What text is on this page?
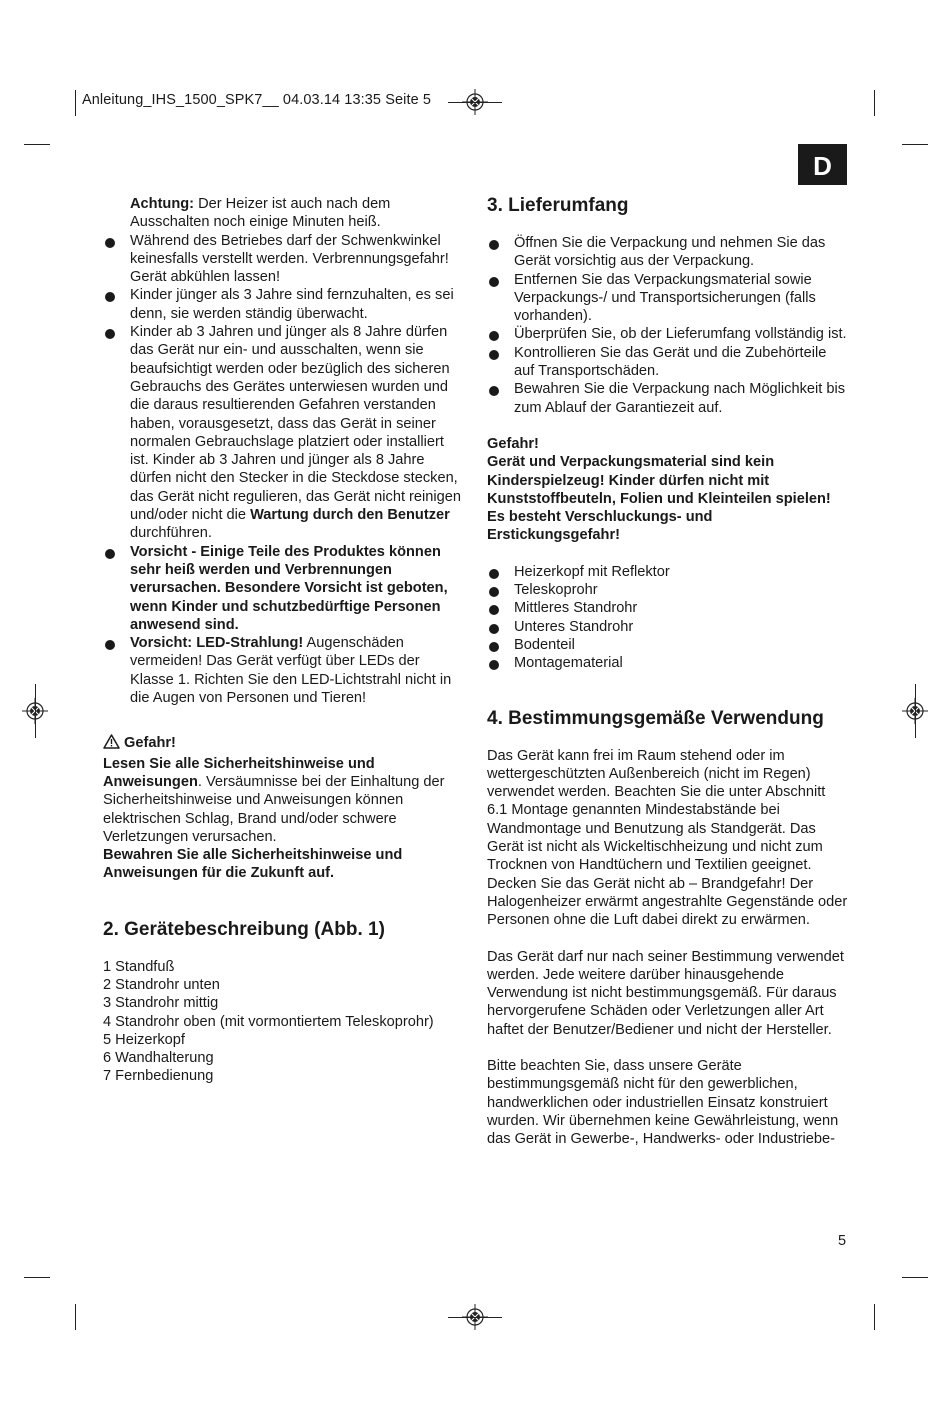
Anleitung_IHS_1500_SPK7__ 04.03.14 13:35 Seite 5
D

Achtung: Der Heizer ist auch nach dem Ausschalten noch einige Minuten heiß.

Während des Betriebes darf der Schwenkwinkel keinesfalls verstellt werden. Verbrennungsgefahr! Gerät abkühlen lassen!

Kinder jünger als 3 Jahre sind fernzuhalten, es sei denn, sie werden ständig überwacht.

Kinder ab 3 Jahren und jünger als 8 Jahre dürfen das Gerät nur ein- und ausschalten, wenn sie beaufsichtigt werden oder bezüglich des sicheren Gebrauchs des Gerätes unterwiesen wurden und die daraus resultierenden Gefahren verstanden haben, vorausgesetzt, dass das Gerät in seiner normalen Gebrauchslage platziert oder installiert ist. Kinder ab 3 Jahren und jünger als 8 Jahre dürfen nicht den Stecker in die Steckdose stecken, das Gerät nicht regulieren, das Gerät nicht reinigen und/oder nicht die Wartung durch den Benutzer durchführen.

Vorsicht - Einige Teile des Produktes können sehr heiß werden und Verbrennungen verursachen. Besondere Vorsicht ist geboten, wenn Kinder und schutzbedürftige Personen anwesend sind.

Vorsicht: LED-Strahlung! Augenschäden vermeiden! Das Gerät verfügt über LEDs der Klasse 1. Richten Sie den LED-Lichtstrahl nicht in die Augen von Personen und Tieren!

Gefahr!

Lesen Sie alle Sicherheitshinweise und Anweisungen. Versäumnisse bei der Einhaltung der Sicherheitshinweise und Anweisungen können elektrischen Schlag, Brand und/oder schwere Verletzungen verursachen.

Bewahren Sie alle Sicherheitshinweise und Anweisungen für die Zukunft auf.

2. Gerätebeschreibung (Abb. 1)

1 Standfuß

2 Standrohr unten

3 Standrohr mittig

4 Standrohr oben (mit vormontiertem Teleskoprohr)

5 Heizerkopf

6 Wandhalterung

7 Fernbedienung

3. Lieferumfang

Öffnen Sie die Verpackung und nehmen Sie das Gerät vorsichtig aus der Verpackung.

Entfernen Sie das Verpackungsmaterial sowie Verpackungs-/ und Transportsicherungen (falls vorhanden).

Überprüfen Sie, ob der Lieferumfang vollständig ist.

Kontrollieren Sie das Gerät und die Zubehörteile auf Transportschäden.

Bewahren Sie die Verpackung nach Möglichkeit bis zum Ablauf der Garantiezeit auf.

Gefahr!

Gerät und Verpackungsmaterial sind kein Kinderspielzeug! Kinder dürfen nicht mit Kunststoffbeuteln, Folien und Kleinteilen spielen! Es besteht Verschluckungs- und Erstickungsgefahr!

Heizerkopf mit Reflektor

Teleskoprohr

Mittleres Standrohr

Unteres Standrohr

Bodenteil

Montagematerial

4. Bestimmungsgemäße Verwendung

Das Gerät kann frei im Raum stehend oder im wettergeschützten Außenbereich (nicht im Regen) verwendet werden. Beachten Sie die unter Abschnitt 6.1 Montage genannten Mindestabstände bei Wandmontage und Benutzung als Standgerät. Das Gerät ist nicht als Wickeltischheizung und nicht zum Trocknen von Handtüchern und Textilien geeignet. Decken Sie das Gerät nicht ab – Brandgefahr! Der Halogenheizer erwärmt angestrahlte Gegenstände oder Personen ohne die Luft dabei direkt zu erwärmen.

Das Gerät darf nur nach seiner Bestimmung verwendet werden. Jede weitere darüber hinausgehende Verwendung ist nicht bestimmungsgemäß. Für daraus hervorgerufene Schäden oder Verletzungen aller Art haftet der Benutzer/Bediener und nicht der Hersteller.

Bitte beachten Sie, dass unsere Geräte bestimmungsgemäß nicht für den gewerblichen, handwerklichen oder industriellen Einsatz konstruiert wurden. Wir übernehmen keine Gewährleistung, wenn das Gerät in Gewerbe-, Handwerks- oder Industriebe-

5
